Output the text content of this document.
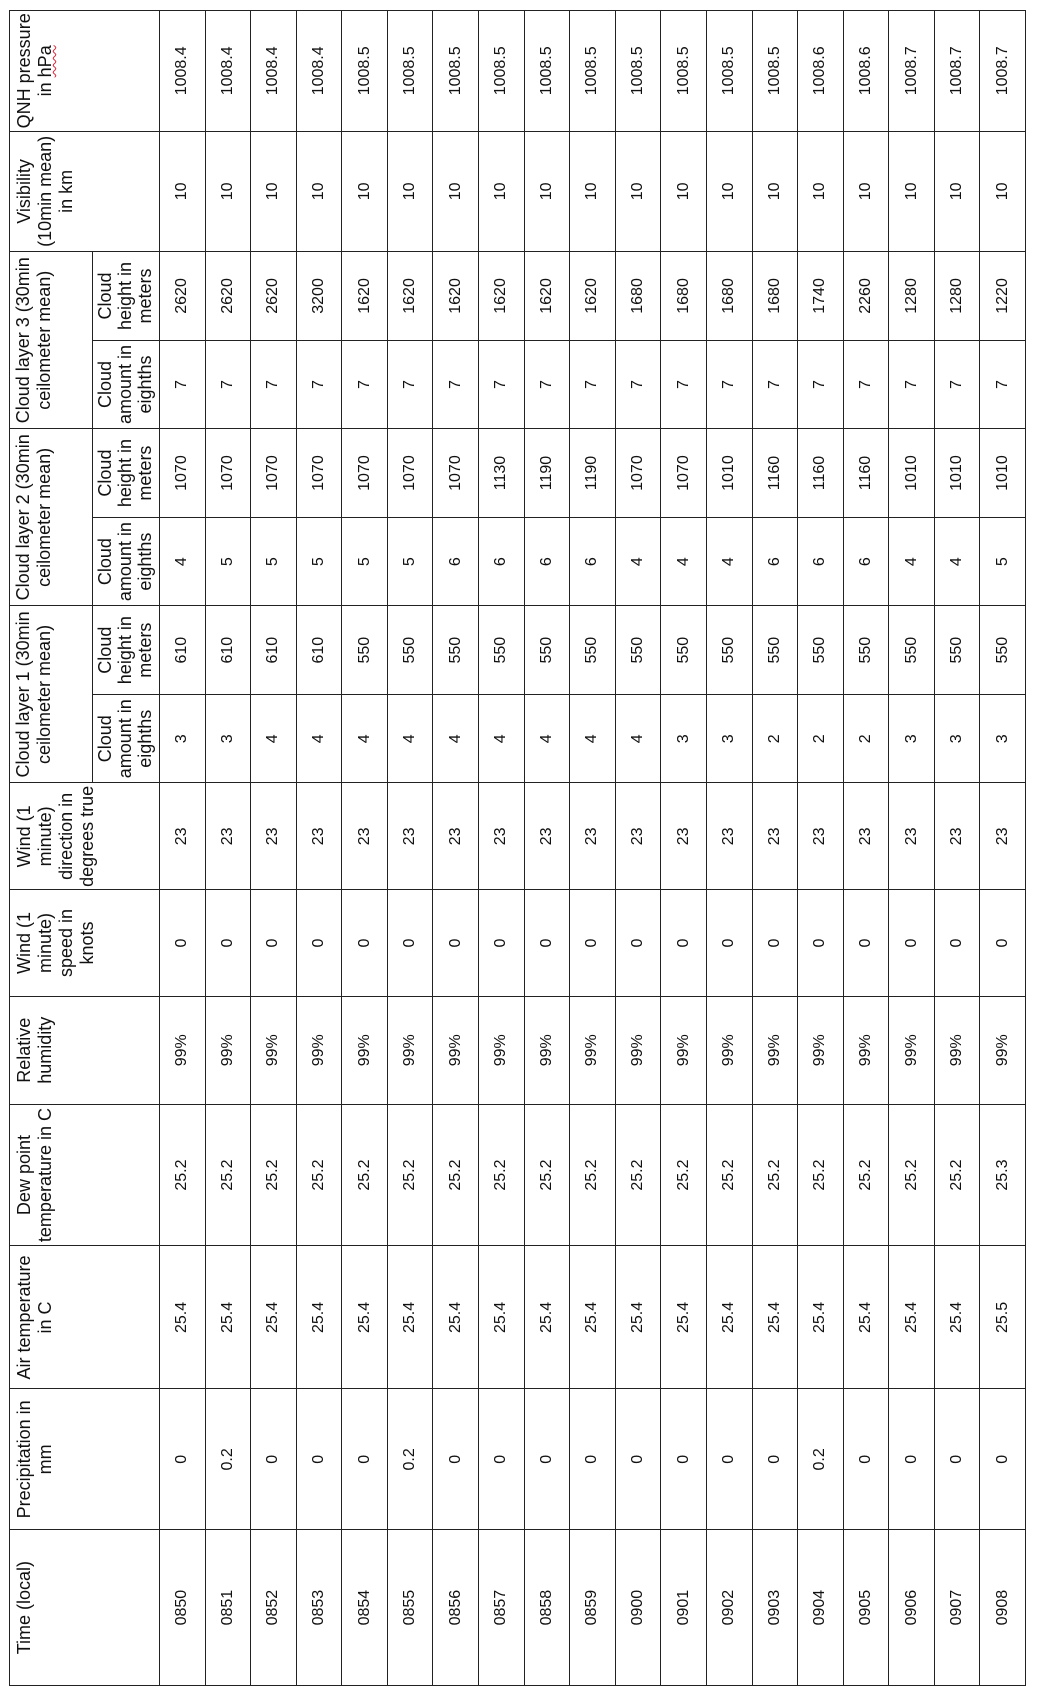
Time (local)	Precipitation in mm	Air temperature in C	Dew point temperature in C	Relative humidity	Wind (1 minute) speed in knots	Wind (1 minute) direction in degrees true	Cloud layer 1 (30min ceilometer mean)		Cloud layer 2 (30min ceilometer mean)		Cloud layer 3 (30min ceilometer mean)		Visibility (10min mean) in km	QNH pressure in hPa
							Cloud amount in eighths	Cloud height in meters	Cloud amount in eighths	Cloud height in meters	Cloud amount in eighths	Cloud height in meters		
0850	0	25.4	25.2	99%	0	23	3	610	4	1070	7	2620	10	1008.4
0851	0.2	25.4	25.2	99%	0	23	3	610	5	1070	7	2620	10	1008.4
0852	0	25.4	25.2	99%	0	23	4	610	5	1070	7	2620	10	1008.4
0853	0	25.4	25.2	99%	0	23	4	610	5	1070	7	3200	10	1008.4
0854	0	25.4	25.2	99%	0	23	4	550	5	1070	7	1620	10	1008.5
0855	0.2	25.4	25.2	99%	0	23	4	550	5	1070	7	1620	10	1008.5
0856	0	25.4	25.2	99%	0	23	4	550	6	1070	7	1620	10	1008.5
0857	0	25.4	25.2	99%	0	23	4	550	6	1130	7	1620	10	1008.5
0858	0	25.4	25.2	99%	0	23	4	550	6	1190	7	1620	10	1008.5
0859	0	25.4	25.2	99%	0	23	4	550	6	1190	7	1620	10	1008.5
0900	0	25.4	25.2	99%	0	23	4	550	4	1070	7	1680	10	1008.5
0901	0	25.4	25.2	99%	0	23	3	550	4	1070	7	1680	10	1008.5
0902	0	25.4	25.2	99%	0	23	3	550	4	1010	7	1680	10	1008.5
0903	0	25.4	25.2	99%	0	23	2	550	6	1160	7	1680	10	1008.5
0904	0.2	25.4	25.2	99%	0	23	2	550	6	1160	7	1740	10	1008.6
0905	0	25.4	25.2	99%	0	23	2	550	6	1160	7	2260	10	1008.6
0906	0	25.4	25.2	99%	0	23	3	550	4	1010	7	1280	10	1008.7
0907	0	25.4	25.2	99%	0	23	3	550	4	1010	7	1280	10	1008.7
0908	0	25.5	25.3	99%	0	23	3	550	5	1010	7	1220	10	1008.7
